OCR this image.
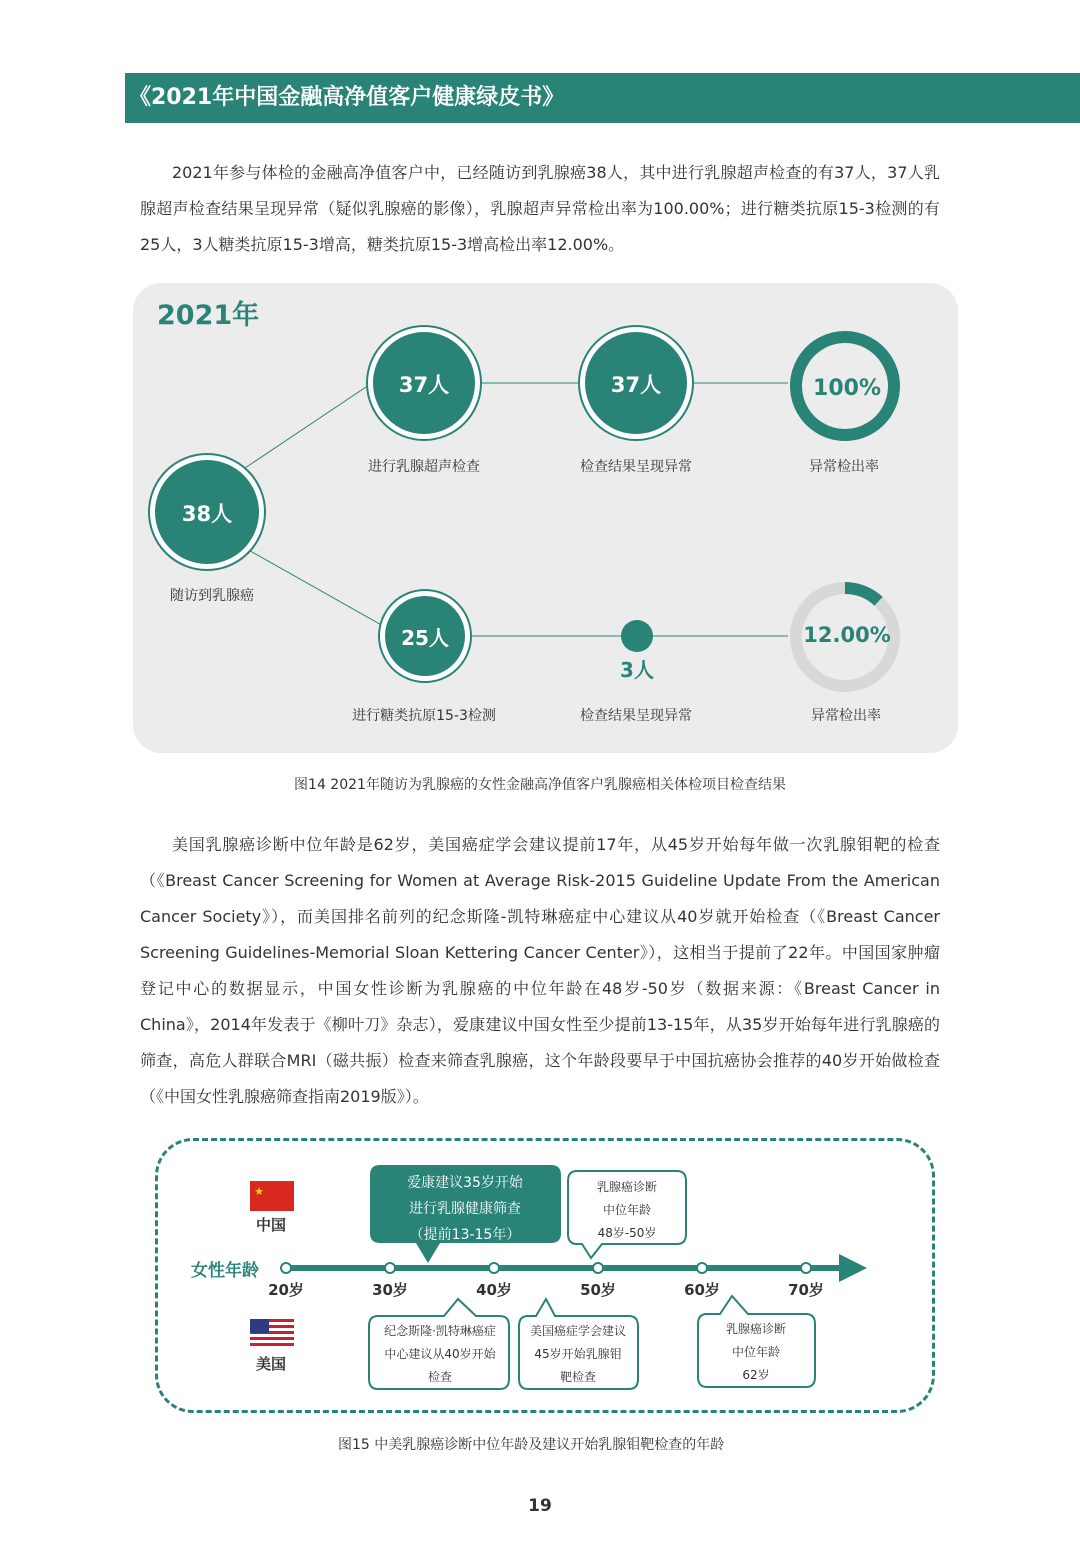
《2021年中国金融高净值客户健康绿皮书》

2021年参与体检的金融高净值客户中，已经随访到乳腺癌38人，其中进行乳腺超声检查的有37人，37人乳腺超声检查结果呈现异常（疑似乳腺癌的影像），乳腺超声异常检出率为100.00%；进行糖类抗原15-3检测的有25人，3人糖类抗原15-3增高，糖类抗原15-3增高检出率12.00%。

2021年
38人
随访到乳腺癌
37人
进行乳腺超声检查
37人
检查结果呈现异常
100%
异常检出率
25人
进行糖类抗原15-3检测
3人
检查结果呈现异常
12.00%
异常检出率
图14 2021年随访为乳腺癌的女性金融高净值客户乳腺癌相关体检项目检查结果

美国乳腺癌诊断中位年龄是62岁，美国癌症学会建议提前17年，从45岁开始每年做一次乳腺钼靶的检查（《Breast Cancer Screening for Women at Average Risk-2015 Guideline Update From the American Cancer Society》），而美国排名前列的纪念斯隆-凯特琳癌症中心建议从40岁就开始检查（《Breast Cancer Screening Guidelines-Memorial Sloan Kettering Cancer Center》），这相当于提前了22年。中国国家肿瘤登记中心的数据显示，中国女性诊断为乳腺癌的中位年龄在48岁-50岁（数据来源：《Breast Cancer in China》，2014年发表于《柳叶刀》杂志），爱康建议中国女性至少提前13-15年，从35岁开始每年进行乳腺癌的筛查，高危人群联合MRI（磁共振）检查来筛查乳腺癌，这个年龄段要早于中国抗癌协会推荐的40岁开始做检查（《中国女性乳腺癌筛查指南2019版》）。

★
中国
美国
女性年龄
20岁	30岁	40岁	50岁	60岁	70岁
爱康建议35岁开始
进行乳腺健康筛查
（提前13-15年）
乳腺癌诊断
中位年龄
48岁-50岁
纪念斯隆·凯特琳癌症
中心建议从40岁开始
检查
美国癌症学会建议
45岁开始乳腺钼
靶检查
乳腺癌诊断
中位年龄
62岁
图15 中美乳腺癌诊断中位年龄及建议开始乳腺钼靶检查的年龄
19
